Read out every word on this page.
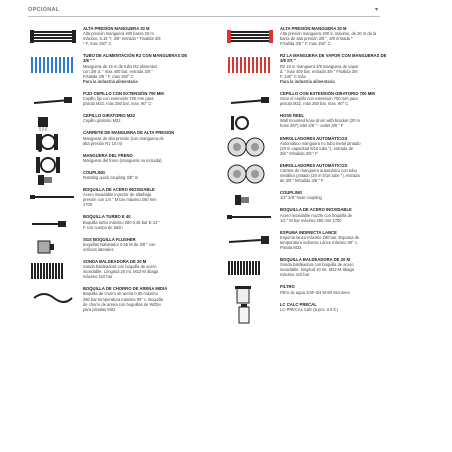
OPCIONAL	▾
ALTA PRESIÓN MANGUERA 20 M
Alta presión manguera 400 bares 20 m
máximo, 6.15 "/; 3/8" entrada * Fisalida 3/8
* F, max 150° C
TUBO DE ALIMENTACIÓN R2 CON MANGUERAS DE
3/8 " ''
Manguera de 15 m de tubo R2 alimentos
con 3/8 d. " max 400 bar, entrada 3/8 "
F/salida 3/8 " F, max 150° C
Para la industria alimentaria
FIJO CEPILLO CON EXTENSIÓN 700 MM
Cepillo fijo con extensión 700 mm para
pistola M22, máx 250 bar, max. 90° C
CEPILLO GIRATORIO M22
Cepillo giratorio M22
CARRETE DE MANGUERA DE ALTA PRESIÓN
Manguera de alta presión (con manguera de
alta presión R1 10 m)
MANGUERA DEL FRENO
Manguera del freno (manguera no incluida)
COUPLING
Rotating quick coupling 3/8" m
BOQUILLA DE ACERO INOXIDABLE
Acero inoxidable inyector de alta/baja
presión con 1/4 " M bar máximo 280 mm
1700
BOQUILLA TURBO E 40
Boquilla turbo máximo 280 0,45 bar E-14 "
F con cuerpo de latón
SGS BOQUILLA FLUSHER
boquillas Baldeador 0,55 M de 3/8 " con
orificios laterales
SONDA BALDEADORA DE 20 M
Sonda baldeadora con boquilla de acero
inoxidable. Longitud 20 mt. M22-M ábaga
máximo 210 bar
BOQUILLA DE CHORRO DE ARENA MIDIA
Boquilla de chorro de arena 0,60 máximo
280 bar temperatura máxima 90° c. Boquilla
de chorro de arena con boquillas de WIDIA
para pistolas M22
ALTA PRESIÓN MANGUERA 20 M
Alta presión manguera 400 d. máximo, de 20 m de la
barra de alta presión 3/8 ", 3/8 entrada *
F/salida 3/8 " F, max 150° C
R2 LA MANGUERA DE VAPOR CON MANGUERAS DE
3/8 ST. ''
R2 10 m manguera 3/8 manguera de vapor
d. " max 400 bar, entrada 3/8 " F/salida 3/8
F, 130° C máx
Para la industria alimentaria
CEPILLO CON EXTENSIÓN GIRATORIO 700 MM
Girar el cepillo con extensión 700 mm para
pistola M22, máx 250 bar, max. 90° C
HOSE REEL
Wall mounted hose drum with bracket (20 m
hose 3/8") inlet 3/8 " - outlet 3/8 " F
ENROLLADORES AUTOMÁTICOS
Automático manguera no tubo metal pintado
(20 m capacitad 5/16 tubo "), entrada de
3/8 " M/salida 3/8 " F
ENROLLADORES AUTOMÁTICOS
Carrete de manguera automático con tubo
metálico pintado (20 m 5/16 tube "), entrada
de 3/8 " M/salida 3/8 " F
COUPLING
1/2" 3/8" hose coupling
BOQUILLA DE ACERO INOXIDABLE
Acero inoxidable nozzle con boquilla de
1/4 " M bar máximo 280 mm 1700
ESPUMA INDIRECTA LANCE
Espuma lanza máximo 280 bar. Espuma de
temperatura indirecta Lance máximo 90° c.
Pistola M22
BOQUILLA BALDEADORA DE 20 M
Sonda baldeadora con boquilla de acero
inoxidable. longitud 10 mt. M22-M ábaga
máximo 210 bar
FILTRO
Filtro de agua 3/4F-3/4 M-80 micrones
LC CALC PRECAL
LC-PRECAL Calc (a pcs. a 5 lt.)
